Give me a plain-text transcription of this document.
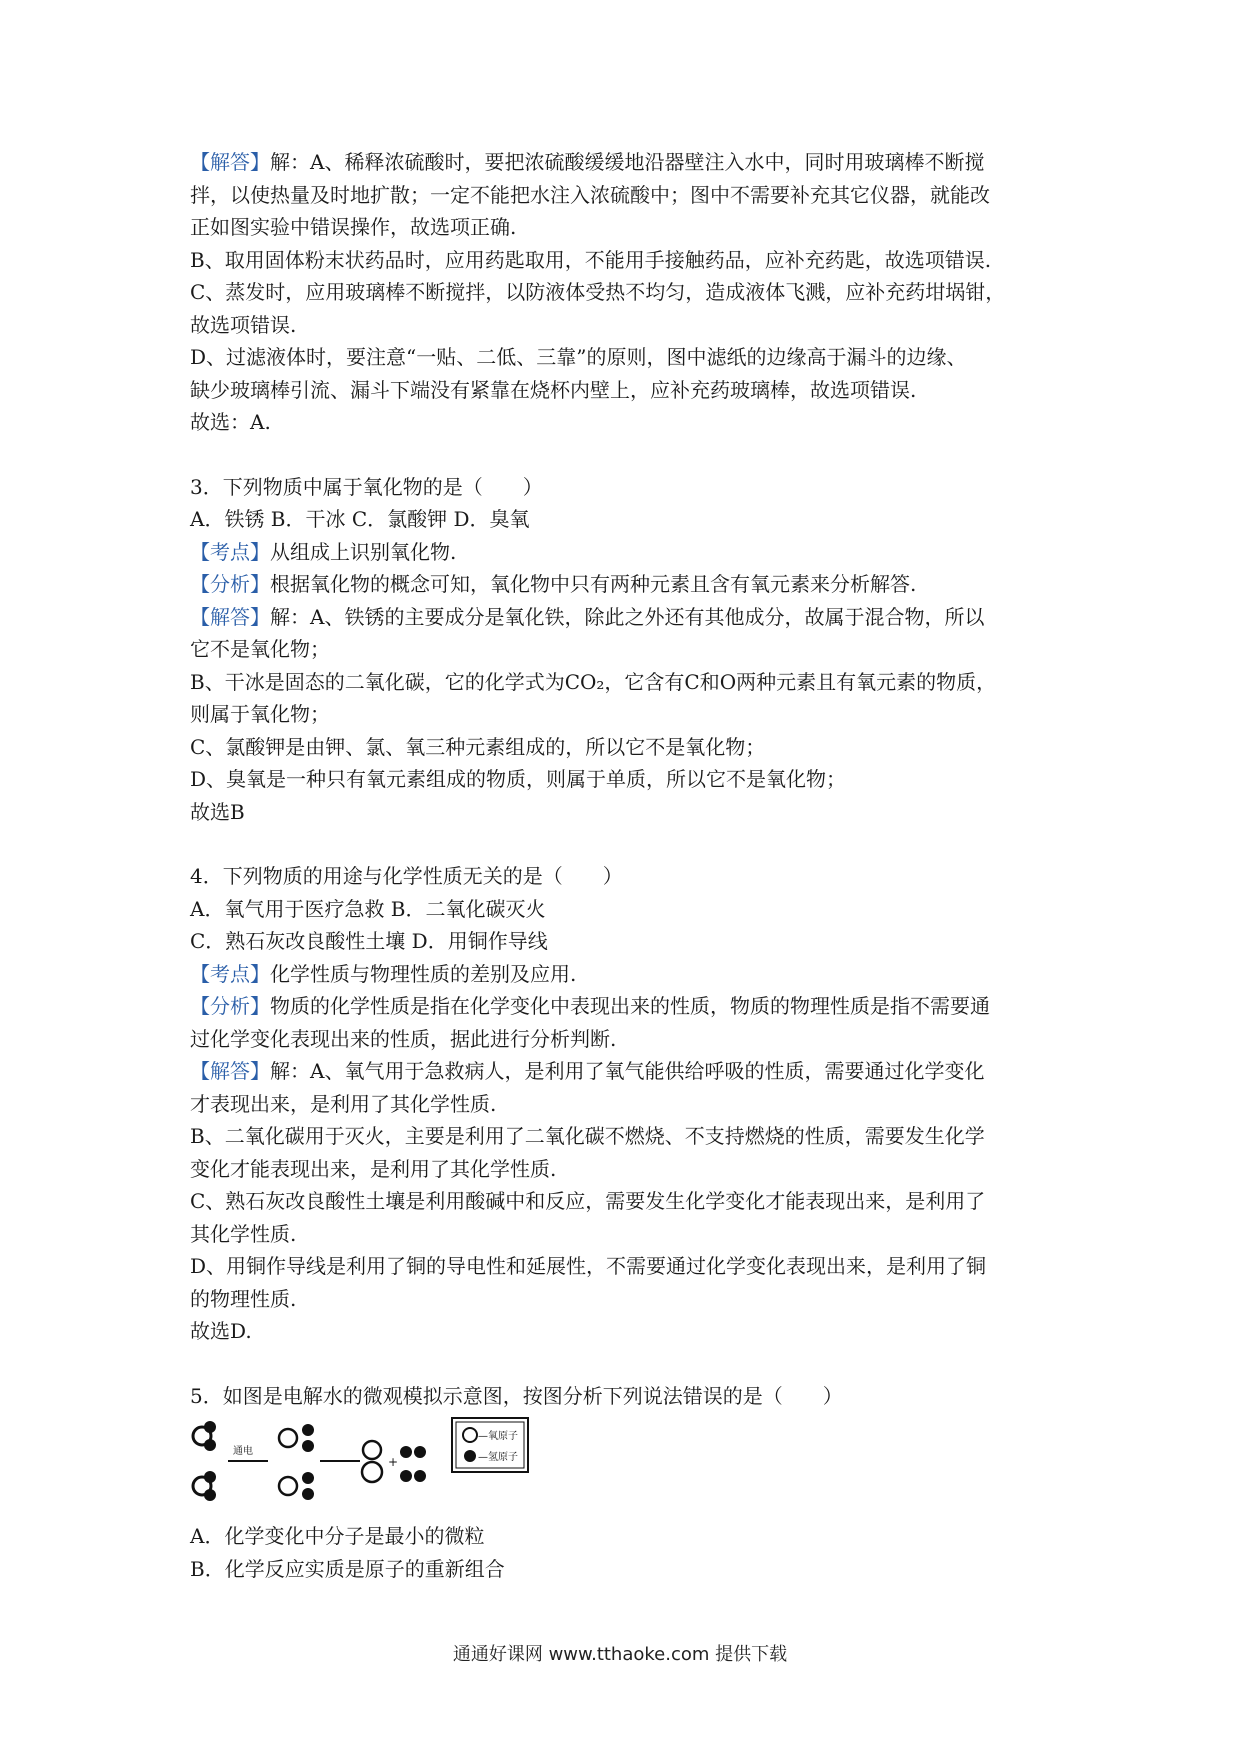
【解答】解：A、稀释浓硫酸时，要把浓硫酸缓缓地沿器壁注入水中，同时用玻璃棒不断搅

拌，以使热量及时地扩散；一定不能把水注入浓硫酸中；图中不需要补充其它仪器，就能改

正如图实验中错误操作，故选项正确.

B、取用固体粉末状药品时，应用药匙取用，不能用手接触药品，应补充药匙，故选项错误.

C、蒸发时，应用玻璃棒不断搅拌，以防液体受热不均匀，造成液体飞溅，应补充药坩埚钳，

故选项错误.

D、过滤液体时，要注意“一贴、二低、三靠”的原则，图中滤纸的边缘高于漏斗的边缘、

缺少玻璃棒引流、漏斗下端没有紧靠在烧杯内壁上，应补充药玻璃棒，故选项错误.

故选：A.

3．下列物质中属于氧化物的是（　　）

A．铁锈 B．干冰 C．氯酸钾 D．臭氧

【考点】从组成上识别氧化物.

【分析】根据氧化物的概念可知，氧化物中只有两种元素且含有氧元素来分析解答.

【解答】解：A、铁锈的主要成分是氧化铁，除此之外还有其他成分，故属于混合物，所以

它不是氧化物；

B、干冰是固态的二氧化碳，它的化学式为CO₂，它含有C和O两种元素且有氧元素的物质，

则属于氧化物；

C、氯酸钾是由钾、氯、氧三种元素组成的，所以它不是氧化物；

D、臭氧是一种只有氧元素组成的物质，则属于单质，所以它不是氧化物；

故选B

4．下列物质的用途与化学性质无关的是（　　）

A．氧气用于医疗急救 B．二氧化碳灭火

C．熟石灰改良酸性土壤 D．用铜作导线

【考点】化学性质与物理性质的差别及应用.

【分析】物质的化学性质是指在化学变化中表现出来的性质，物质的物理性质是指不需要通

过化学变化表现出来的性质，据此进行分析判断.

【解答】解：A、氧气用于急救病人，是利用了氧气能供给呼吸的性质，需要通过化学变化

才表现出来，是利用了其化学性质.

B、二氧化碳用于灭火，主要是利用了二氧化碳不燃烧、不支持燃烧的性质，需要发生化学

变化才能表现出来，是利用了其化学性质.

C、熟石灰改良酸性土壤是利用酸碱中和反应，需要发生化学变化才能表现出来，是利用了

其化学性质.

D、用铜作导线是利用了铜的导电性和延展性，不需要通过化学变化表现出来，是利用了铜

的物理性质.

故选D.

5．如图是电解水的微观模拟示意图，按图分析下列说法错误的是（　　）

通电
+
—氧原子
—氢原子

A．化学变化中分子是最小的微粒

B．化学反应实质是原子的重新组合

通通好课网 www.tthaoke.com 提供下载
